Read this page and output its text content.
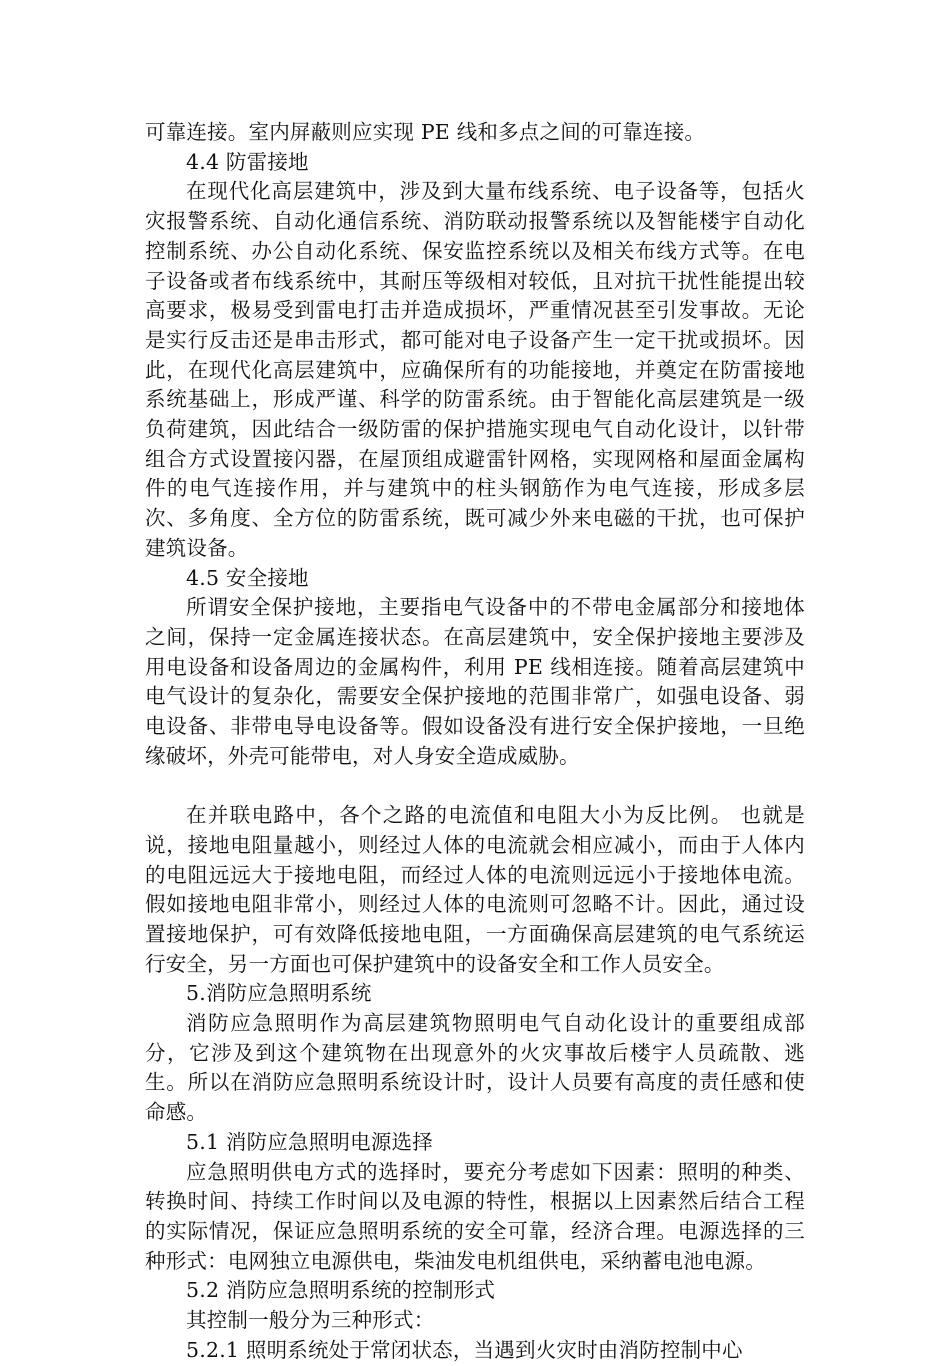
可靠连接。室内屏蔽则应实现 PE 线和多点之间的可靠连接。

4.4 防雷接地

在现代化高层建筑中，涉及到大量布线系统、电子设备等，包括火灾报警系统、自动化通信系统、消防联动报警系统以及智能楼宇自动化控制系统、办公自动化系统、保安监控系统以及相关布线方式等。在电子设备或者布线系统中，其耐压等级相对较低，且对抗干扰性能提出较高要求，极易受到雷电打击并造成损坏，严重情况甚至引发事故。无论是实行反击还是串击形式，都可能对电子设备产生一定干扰或损坏。因此，在现代化高层建筑中，应确保所有的功能接地，并奠定在防雷接地系统基础上，形成严谨、科学的防雷系统。由于智能化高层建筑是一级负荷建筑，因此结合一级防雷的保护措施实现电气自动化设计，以针带组合方式设置接闪器，在屋顶组成避雷针网格，实现网格和屋面金属构件的电气连接作用，并与建筑中的柱头钢筋作为电气连接，形成多层次、多角度、全方位的防雷系统，既可减少外来电磁的干扰，也可保护建筑设备。

4.5 安全接地

所谓安全保护接地，主要指电气设备中的不带电金属部分和接地体之间，保持一定金属连接状态。在高层建筑中，安全保护接地主要涉及用电设备和设备周边的金属构件，利用 PE 线相连接。随着高层建筑中电气设计的复杂化，需要安全保护接地的范围非常广，如强电设备、弱电设备、非带电导电设备等。假如设备没有进行安全保护接地，一旦绝缘破坏，外壳可能带电，对人身安全造成威胁。

在并联电路中，各个之路的电流值和电阻大小为反比例。 也就是说，接地电阻量越小，则经过人体的电流就会相应减小，而由于人体内的电阻远远大于接地电阻，而经过人体的电流则远远小于接地体电流。假如接地电阻非常小，则经过人体的电流则可忽略不计。因此，通过设置接地保护，可有效降低接地电阻，一方面确保高层建筑的电气系统运行安全，另一方面也可保护建筑中的设备安全和工作人员安全。

5.消防应急照明系统

消防应急照明作为高层建筑物照明电气自动化设计的重要组成部分，它涉及到这个建筑物在出现意外的火灾事故后楼宇人员疏散、逃生。所以在消防应急照明系统设计时，设计人员要有高度的责任感和使命感。

5.1 消防应急照明电源选择

应急照明供电方式的选择时，要充分考虑如下因素：照明的种类、转换时间、持续工作时间以及电源的特性，根据以上因素然后结合工程的实际情况，保证应急照明系统的安全可靠，经济合理。电源选择的三种形式：电网独立电源供电，柴油发电机组供电，采纳蓄电池电源。

5.2 消防应急照明系统的控制形式

其控制一般分为三种形式：

5.2.1 照明系统处于常闭状态，当遇到火灾时由消防控制中心
